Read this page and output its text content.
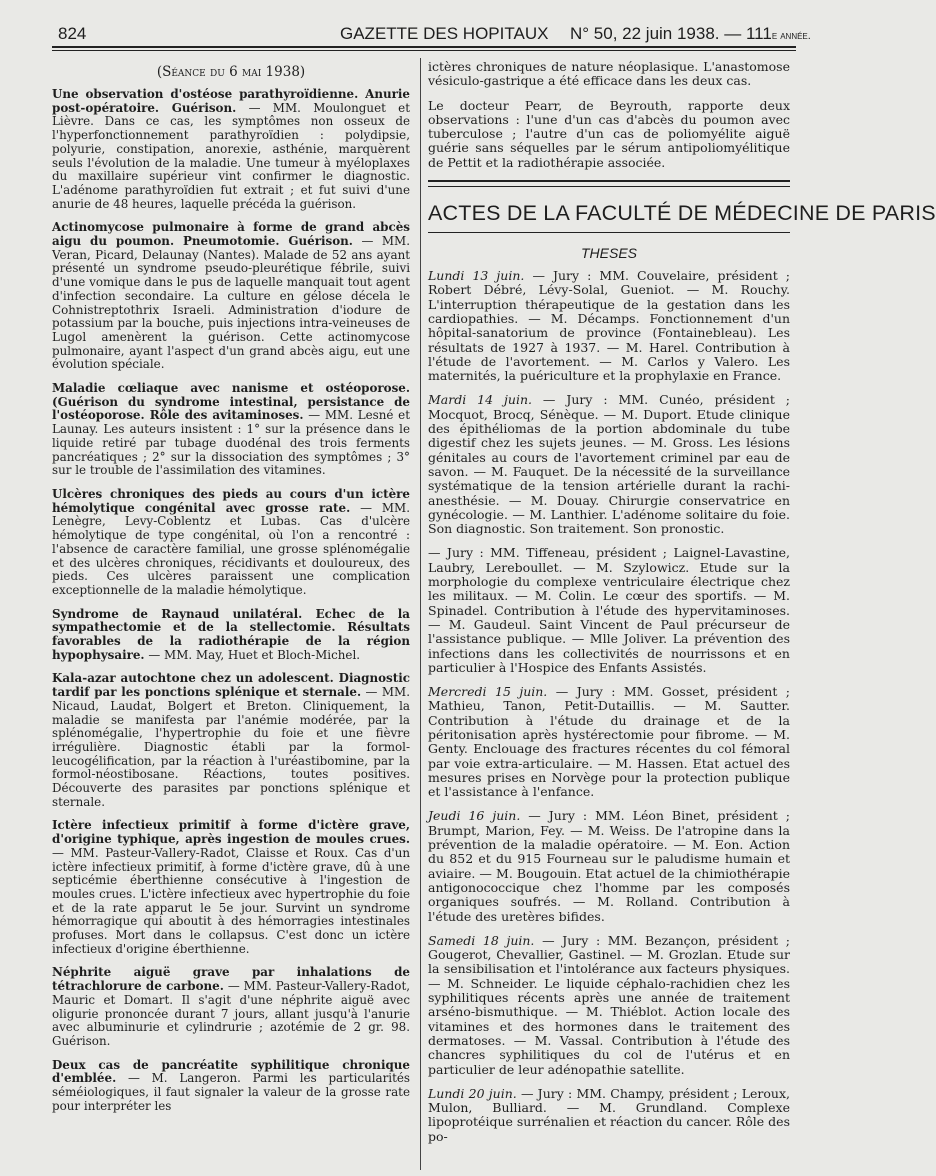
824	GAZETTE DES HOPITAUX N° 50, 22 juin 1938. — 111e année.
(Séance du 6 mai 1938)

Une observation d'ostéose parathyroïdienne. Anurie post-opératoire. Guérison. — MM. Moulonguet et Lièvre. Dans ce cas, les symptômes non osseux de l'hyperfonctionnement parathyroïdien : polydipsie, polyurie, constipation, anorexie, asthénie, marquèrent seuls l'évolution de la maladie. Une tumeur à myéloplaxes du maxillaire supérieur vint confirmer le diagnostic. L'adénome parathyroïdien fut extrait ; et fut suivi d'une anurie de 48 heures, laquelle précéda la guérison.

Actinomycose pulmonaire à forme de grand abcès aigu du poumon. Pneumotomie. Guérison. — MM. Veran, Picard, Delaunay (Nantes). Malade de 52 ans ayant présenté un syndrome pseudo-pleurétique fébrile, suivi d'une vomique dans le pus de laquelle manquait tout agent d'infection secondaire. La culture en gélose décela le Cohnistreptothrix Israeli. Administration d'iodure de potassium par la bouche, puis injections intra-veineuses de Lugol amenèrent la guérison. Cette actinomycose pulmonaire, ayant l'aspect d'un grand abcès aigu, eut une évolution spéciale.

Maladie cœliaque avec nanisme et ostéoporose. (Guérison du syndrome intestinal, persistance de l'ostéoporose. Rôle des avitaminoses. — MM. Lesné et Launay. Les auteurs insistent : 1° sur la présence dans le liquide retiré par tubage duodénal des trois ferments pancréatiques ; 2° sur la dissociation des symptômes ; 3° sur le trouble de l'assimilation des vitamines.

Ulcères chroniques des pieds au cours d'un ictère hémolytique congénital avec grosse rate. — MM. Lenègre, Levy-Coblentz et Lubas. Cas d'ulcère hémolytique de type congénital, où l'on a rencontré : l'absence de caractère familial, une grosse splénomégalie et des ulcères chroniques, récidivants et douloureux, des pieds. Ces ulcères paraissent une complication exceptionnelle de la maladie hémolytique.

Syndrome de Raynaud unilatéral. Echec de la sympathectomie et de la stellectomie. Résultats favorables de la radiothérapie de la région hypophysaire. — MM. May, Huet et Bloch-Michel.

Kala-azar autochtone chez un adolescent. Diagnostic tardif par les ponctions splénique et sternale. — MM. Nicaud, Laudat, Bolgert et Breton. Cliniquement, la maladie se manifesta par l'anémie modérée, par la splénomégalie, l'hypertrophie du foie et une fièvre irrégulière. Diagnostic établi par la formol-leucogélification, par la réaction à l'uréastibomine, par la formol-néostibosane. Réactions, toutes positives. Découverte des parasites par ponctions splénique et sternale.

Ictère infectieux primitif à forme d'ictère grave, d'origine typhique, après ingestion de moules crues. — MM. Pasteur-Vallery-Radot, Claisse et Roux. Cas d'un ictère infectieux primitif, à forme d'ictère grave, dû à une septicémie éberthienne consécutive à l'ingestion de moules crues. L'ictère infectieux avec hypertrophie du foie et de la rate apparut le 5e jour. Survint un syndrome hémorragique qui aboutit à des hémorragies intestinales profuses. Mort dans le collapsus. C'est donc un ictère infectieux d'origine éberthienne.

Néphrite aiguë grave par inhalations de tétrachlorure de carbone. — MM. Pasteur-Vallery-Radot, Mauric et Domart. Il s'agit d'une néphrite aiguë avec oligurie prononcée durant 7 jours, allant jusqu'à l'anurie avec albuminurie et cylindrurie ; azotémie de 2 gr. 98. Guérison.

Deux cas de pancréatite syphilitique chronique d'emblée. — M. Langeron. Parmi les particularités séméiologiques, il faut signaler la valeur de la grosse rate pour interpréter les

ictères chroniques de nature néoplasique. L'anastomose vésiculo-gastrique a été efficace dans les deux cas.

Le docteur Pearr, de Beyrouth, rapporte deux observations : l'une d'un cas d'abcès du poumon avec tuberculose ; l'autre d'un cas de poliomyélite aiguë guérie sans séquelles par le sérum antipoliomyélitique de Pettit et la radiothérapie associée.

ACTES DE LA FACULTÉ DE MÉDECINE DE PARIS
THESES

Lundi 13 juin. — Jury : MM. Couvelaire, président ; Robert Débré, Lévy-Solal, Gueniot. — M. Rouchy. L'interruption thérapeutique de la gestation dans les cardiopathies. — M. Décamps. Fonctionnement d'un hôpital-sanatorium de province (Fontainebleau). Les résultats de 1927 à 1937. — M. Harel. Contribution à l'étude de l'avortement. — M. Carlos y Valero. Les maternités, la puériculture et la prophylaxie en France.

Mardi 14 juin. — Jury : MM. Cunéo, président ; Mocquot, Brocq, Sénèque. — M. Duport. Etude clinique des épithéliomas de la portion abdominale du tube digestif chez les sujets jeunes. — M. Gross. Les lésions génitales au cours de l'avortement criminel par eau de savon. — M. Fauquet. De la nécessité de la surveillance systématique de la tension artérielle durant la rachi-anesthésie. — M. Douay. Chirurgie conservatrice en gynécologie. — M. Lanthier. L'adénome solitaire du foie. Son diagnostic. Son traitement. Son pronostic.

— Jury : MM. Tiffeneau, président ; Laignel-Lavastine, Laubry, Lereboullet. — M. Szylowicz. Etude sur la morphologie du complexe ventriculaire électrique chez les militaux. — M. Colin. Le cœur des sportifs. — M. Spinadel. Contribution à l'étude des hypervitaminoses. — M. Gaudeul. Saint Vincent de Paul précurseur de l'assistance publique. — Mlle Joliver. La prévention des infections dans les collectivités de nourrissons et en particulier à l'Hospice des Enfants Assistés.

Mercredi 15 juin. — Jury : MM. Gosset, président ; Mathieu, Tanon, Petit-Dutaillis. — M. Sautter. Contribution à l'étude du drainage et de la péritonisation après hystérectomie pour fibrome. — M. Genty. Enclouage des fractures récentes du col fémoral par voie extra-articulaire. — M. Hassen. Etat actuel des mesures prises en Norvège pour la protection publique et l'assistance à l'enfance.

Jeudi 16 juin. — Jury : MM. Léon Binet, président ; Brumpt, Marion, Fey. — M. Weiss. De l'atropine dans la prévention de la maladie opératoire. — M. Eon. Action du 852 et du 915 Fourneau sur le paludisme humain et aviaire. — M. Bougouin. Etat actuel de la chimiothérapie antigonococcique chez l'homme par les composés organiques soufrés. — M. Rolland. Contribution à l'étude des uretères bifides.

Samedi 18 juin. — Jury : MM. Bezançon, président ; Gougerot, Chevallier, Gastinel. — M. Grozlan. Etude sur la sensibilisation et l'intolérance aux facteurs physiques. — M. Schneider. Le liquide céphalo-rachidien chez les syphilitiques récents après une année de traitement arséno-bismuthique. — M. Thiéblot. Action locale des vitamines et des hormones dans le traitement des dermatoses. — M. Vassal. Contribution à l'étude des chancres syphilitiques du col de l'utérus et en particulier de leur adénopathie satellite.

Lundi 20 juin. — Jury : MM. Champy, président ; Leroux, Mulon, Bulliard. — M. Grundland. Complexe lipoprotéique surrénalien et réaction du cancer. Rôle des po-
